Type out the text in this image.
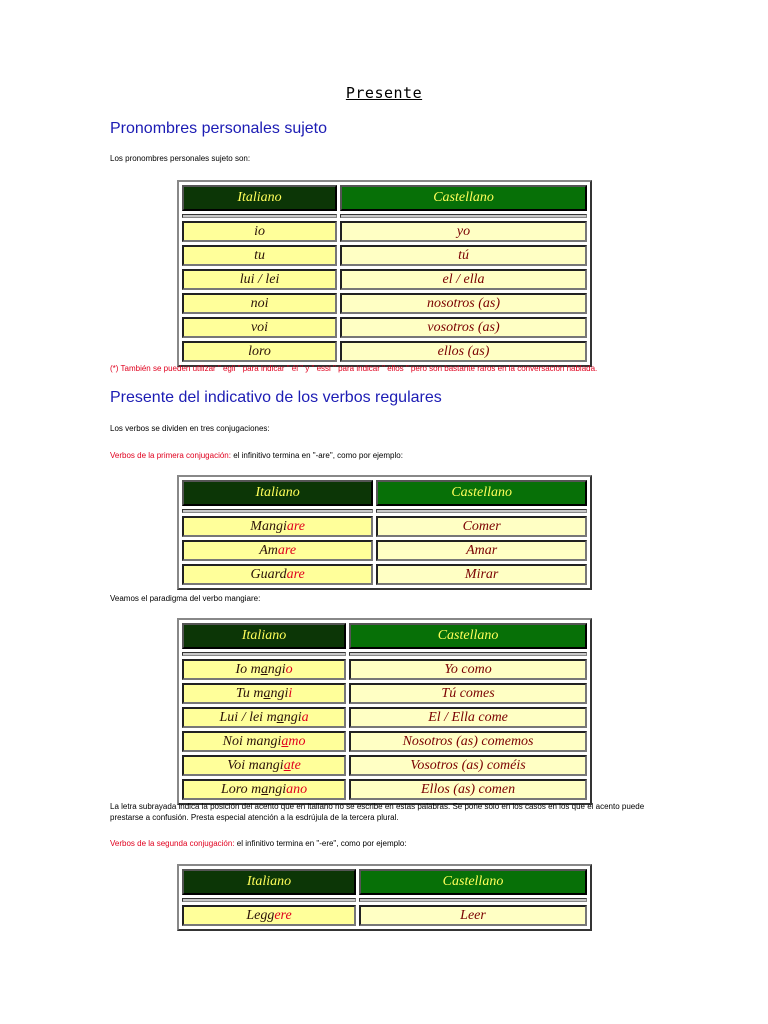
Presente
Pronombres personales sujeto
Los pronombres personales sujeto son:
Italiano	Castellano

io	yo
tu	tú
lui / lei	el / ella
noi	nosotros (as)
voi	vosotros (as)
loro	ellos (as)
(*) También se pueden utilizar " egli " para indicar " él " y " essi " para indicar " ellos " pero son bastante raros en la conversación hablada.
Presente del indicativo de los verbos regulares
Los verbos se dividen en tres conjugaciones:
Verbos de la primera conjugación: el infinitivo termina en "-are", como por ejemplo:
Italiano	Castellano

Mangiare	Comer
Amare	Amar
Guardare	Mirar
Veamos el paradigma del verbo mangiare:
Italiano	Castellano

Io mangio	Yo como
Tu mangii	Tú comes
Lui / lei mangia	El / Ella come
Noi mangiamo	Nosotros (as) comemos
Voi mangiate	Vosotros (as) coméis
Loro mangiano	Ellos (as) comen
La letra subrayada indica la posición del acento que en italiano no se escribe en estas palabras. Se pone sólo en los casos en los que el acento puede prestarse a confusión. Presta especial atención a la esdrújula de la tercera plural.
Verbos de la segunda conjugación: el infinitivo termina en "-ere", como por ejemplo:
Italiano	Castellano

Leggere	Leer
